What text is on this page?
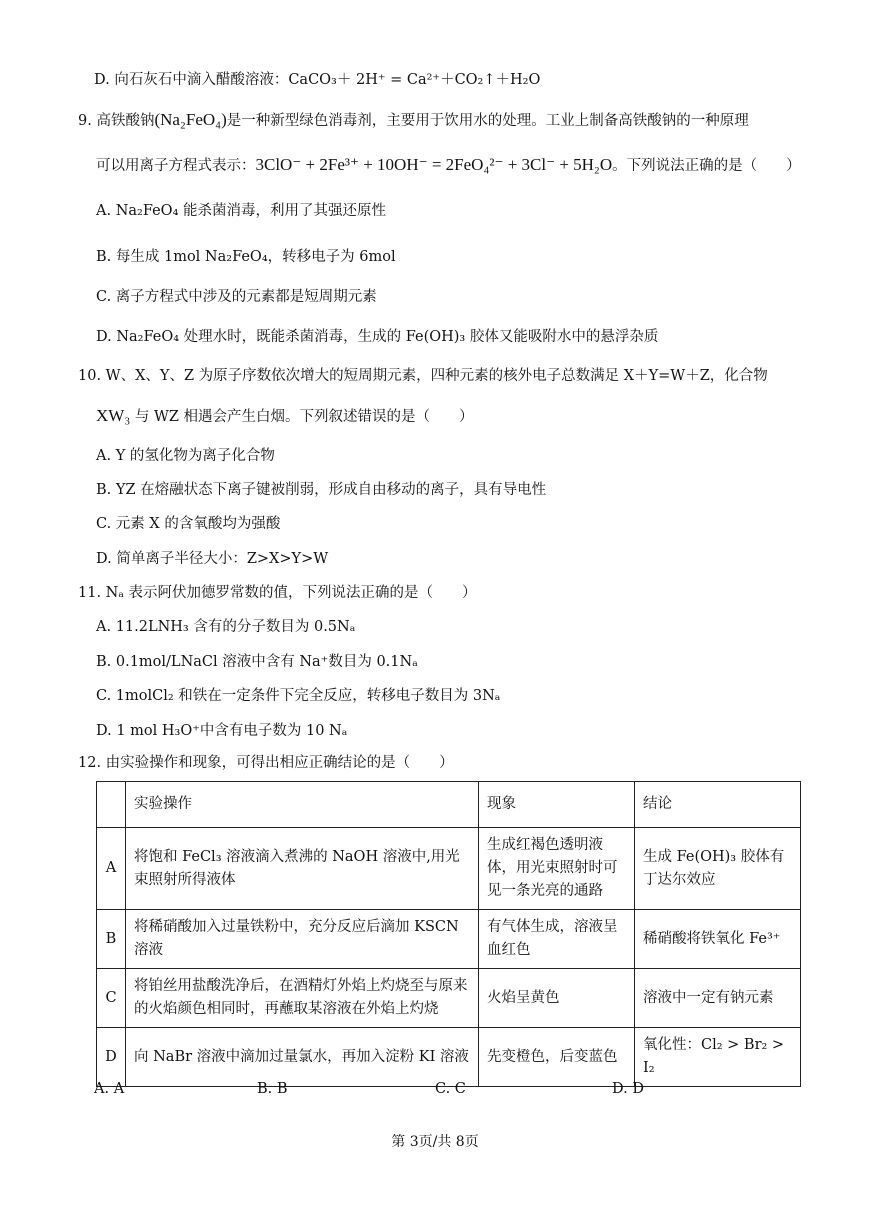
D. 向石灰石中滴入醋酸溶液：CaCO₃＋ 2H⁺ = Ca²⁺＋CO₂↑＋H₂O
9. 高铁酸钠(Na₂FeO₄)是一种新型绿色消毒剂，主要用于饮用水的处理。工业上制备高铁酸钠的一种原理
可以用离子方程式表示：3ClO⁻ + 2Fe³⁺ + 10OH⁻ = 2FeO₄²⁻ + 3Cl⁻ + 5H₂O。下列说法正确的是（　　）
A. Na₂FeO₄ 能杀菌消毒，利用了其强还原性
B. 每生成 1mol Na₂FeO₄，转移电子为 6mol
C. 离子方程式中涉及的元素都是短周期元素
D. Na₂FeO₄ 处理水时，既能杀菌消毒，生成的 Fe(OH)₃ 胶体又能吸附水中的悬浮杂质
10. W、X、Y、Z 为原子序数依次增大的短周期元素，四种元素的核外电子总数满足 X＋Y=W＋Z，化合物
XW₃ 与 WZ 相遇会产生白烟。下列叙述错误的是（　　）
A. Y 的氢化物为离子化合物
B. YZ 在熔融状态下离子键被削弱，形成自由移动的离子，具有导电性
C. 元素 X 的含氧酸均为强酸
D. 简单离子半径大小：Z>X>Y>W
11. Nₐ 表示阿伏加德罗常数的值，下列说法正确的是（　　）
A. 11.2LNH₃ 含有的分子数目为 0.5Nₐ
B. 0.1mol/LNaCl 溶液中含有 Na⁺数目为 0.1Nₐ
C. 1molCl₂ 和铁在一定条件下完全反应，转移电子数目为 3Nₐ
D. 1 mol H₃O⁺中含有电子数为 10 Nₐ
12. 由实验操作和现象，可得出相应正确结论的是（　　）
	实验操作	现象	结论
A	将饱和 FeCl₃ 溶液滴入煮沸的 NaOH 溶液中,用光束照射所得液体	生成红褐色透明液体，用光束照射时可见一条光亮的通路	生成 Fe(OH)₃ 胶体有丁达尔效应
B	将稀硝酸加入过量铁粉中，充分反应后滴加 KSCN 溶液	有气体生成，溶液呈血红色	稀硝酸将铁氧化 Fe³⁺
C	将铂丝用盐酸洗净后，在酒精灯外焰上灼烧至与原来的火焰颜色相同时，再蘸取某溶液在外焰上灼烧	火焰呈黄色	溶液中一定有钠元素
D	向 NaBr 溶液中滴加过量氯水，再加入淀粉 KI 溶液	先变橙色，后变蓝色	氧化性：Cl₂ > Br₂ > I₂
A. A	B. B	C. C	D. D
第 3页/共 8页
